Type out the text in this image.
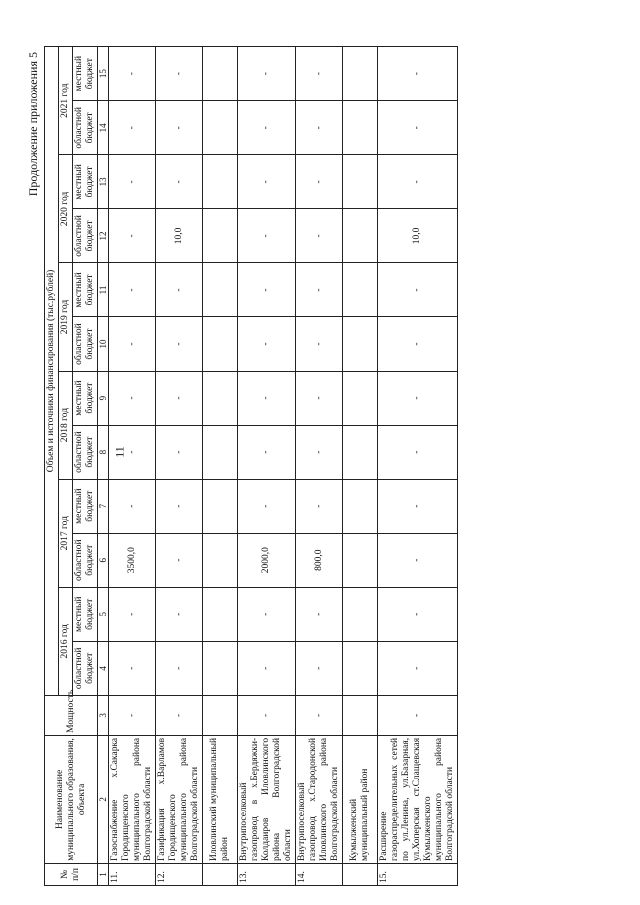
11
Продолжение приложения 5
№ п/п	Наименование муниципального образования, объекта	Мощность	Объем и источники финансирования (тыс.рублей)											
			2016 год		2017 год		2018 год		2019 год		2020 год		2021 год	
			областной бюджет	местный бюджет	областной бюджет	местный бюджет	областной бюджет	местный бюджет	областной бюджет	местный бюджет	областной бюджет	местный бюджет	областной бюджет	местный бюджет
1	2	3	4	5	6	7	8	9	10	11	12	13	14	15
11.	Газоснабжение х.Сакарка Городищенского муниципального района Волгоградской области	-	-	-	3500,0	-	-	-	-	-	-	-	-	-
12.	Газификация х.Варламов Городищенского муниципального района Волгоградской области	-	-	-	-	-	-	-	-	-	10,0	-	-	-
	Иловлинский муниципальный район													
13.	Внутрипоселковый газопровод в х.Бердяжки-Колдаиров Иловлинского района Волгоградской области	-	-	-	2000,0	-	-	-	-	-	-	-	-	-
14.	Внутрипоселковый газопровод х.Стародонской Иловлинского района Волгоградской области	-	-	-	800,0	-	-	-	-	-	-	-	-	-
	Кумылженский муниципальный район													
15.	Расширение газораспределительных сетей по ул.Ленина, ул.Базарная, ул.Хоперская ст.Слащевская Кумылженского муниципального района Волгоградской области	-	-	-	-	-	-	-	-	-	10,0	-	-	-
